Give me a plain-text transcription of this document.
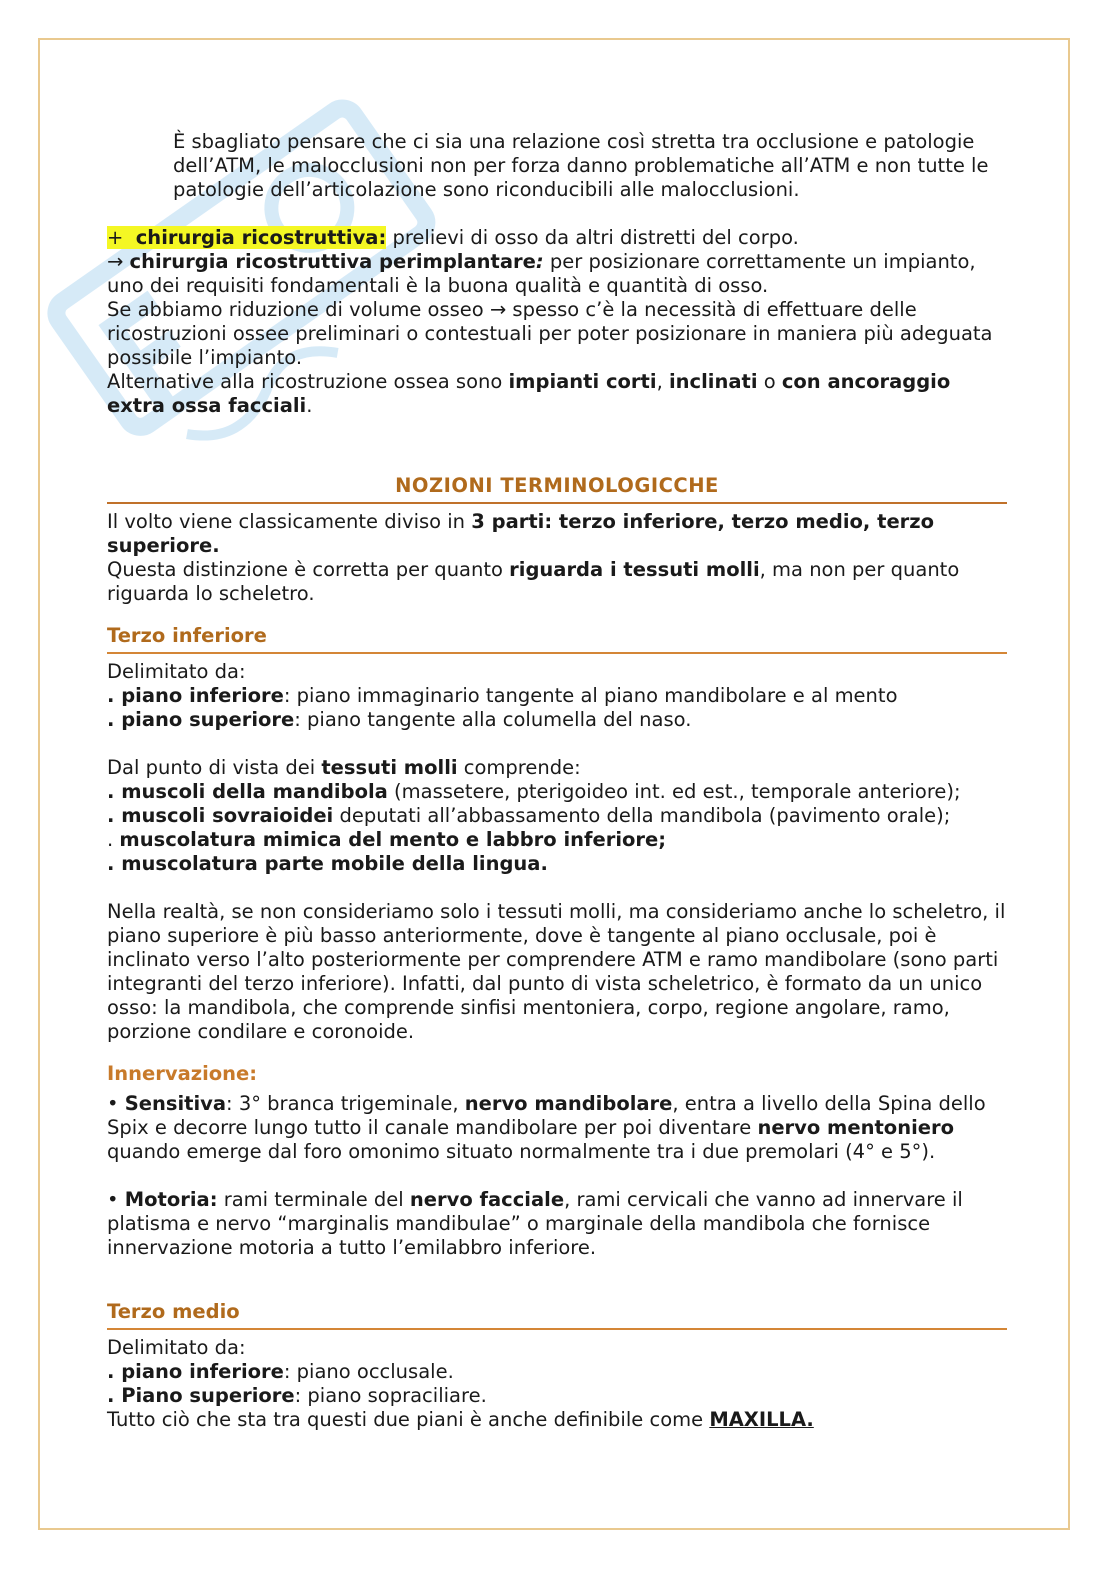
È sbagliato pensare che ci sia una relazione così stretta tra occlusione e patologie dell’ATM, le malocclusioni non per forza danno problematiche all’ATM e non tutte le patologie dell’articolazione sono riconducibili alle malocclusioni.

+ chirurgia ricostruttiva: prelievi di osso da altri distretti del corpo.

→ chirurgia ricostruttiva perimplantare: per posizionare correttamente un impianto, uno dei requisiti fondamentali è la buona qualità e quantità di osso.

Se abbiamo riduzione di volume osseo → spesso c’è la necessità di effettuare delle ricostruzioni ossee preliminari o contestuali per poter posizionare in maniera più adeguata possibile l’impianto.

Alternative alla ricostruzione ossea sono impianti corti, inclinati o con ancoraggio extra ossa facciali.

NOZIONI TERMINOLOGICCHE

Il volto viene classicamente diviso in 3 parti: terzo inferiore, terzo medio, terzo superiore.

Questa distinzione è corretta per quanto riguarda i tessuti molli, ma non per quanto riguarda lo scheletro.

Terzo inferiore

Delimitato da:

. piano inferiore: piano immaginario tangente al piano mandibolare e al mento

. piano superiore: piano tangente alla columella del naso.

Dal punto di vista dei tessuti molli comprende:

. muscoli della mandibola (massetere, pterigoideo int. ed est., temporale anteriore);

. muscoli sovraioidei deputati all’abbassamento della mandibola (pavimento orale);

. muscolatura mimica del mento e labbro inferiore;

. muscolatura parte mobile della lingua.

Nella realtà, se non consideriamo solo i tessuti molli, ma consideriamo anche lo scheletro, il piano superiore è più basso anteriormente, dove è tangente al piano occlusale, poi è inclinato verso l’alto posteriormente per comprendere ATM e ramo mandibolare (sono parti integranti del terzo inferiore). Infatti, dal punto di vista scheletrico, è formato da un unico osso: la mandibola, che comprende sinfisi mentoniera, corpo, regione angolare, ramo, porzione condilare e coronoide.

Innervazione:

• Sensitiva: 3° branca trigeminale, nervo mandibolare, entra a livello della Spina dello Spix e decorre lungo tutto il canale mandibolare per poi diventare nervo mentoniero quando emerge dal foro omonimo situato normalmente tra i due premolari (4° e 5°).

• Motoria: rami terminale del nervo facciale, rami cervicali che vanno ad innervare il platisma e nervo “marginalis mandibulae” o marginale della mandibola che fornisce innervazione motoria a tutto l’emilabbro inferiore.

Terzo medio

Delimitato da:

. piano inferiore: piano occlusale.

. Piano superiore: piano sopraciliare.

Tutto ciò che sta tra questi due piani è anche definibile come MAXILLA.
